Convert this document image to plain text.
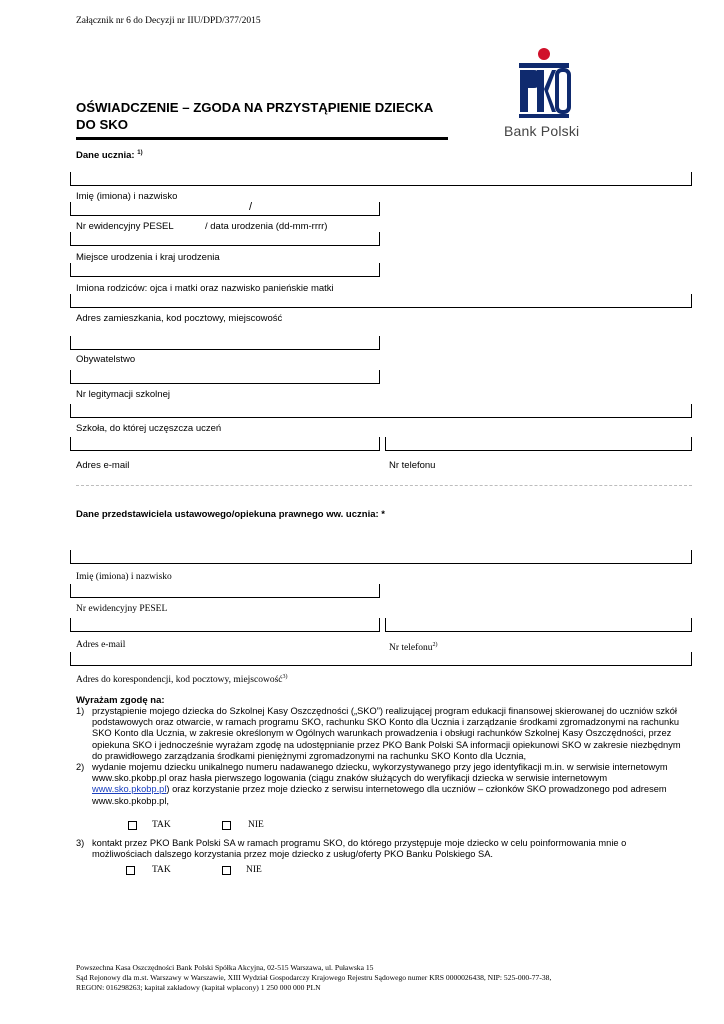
Załącznik nr 6 do Decyzji nr IIU/DPD/377/2015
OŚWIADCZENIE – ZGODA NA PRZYSTĄPIENIE DZIECKA
DO SKO	Bank Polski
Dane ucznia: $^{1)}$
Imię (imiona) i nazwisko
/
Nr ewidencyjny PESEL	/ data urodzenia (dd-mm-rrrr)
Miejsce urodzenia i kraj urodzenia
Imiona rodziców: ojca i matki oraz nazwisko panieńskie matki
Adres zamieszkania, kod pocztowy, miejscowość
Obywatelstwo
Nr legitymacji szkolnej
Szkoła, do której uczęszcza uczeń
Adres e-mail	Nr telefonu
Dane przedstawiciela ustawowego/opiekuna prawnego ww. ucznia: *
Imię (imiona) i nazwisko
Nr ewidencyjny PESEL
Adres e-mail	Nr telefonu$^{2)}$
Adres do korespondencji, kod pocztowy, miejscowość$^{3)}$
Wyrażam zgodę na:
1) przystąpienie mojego dziecka do Szkolnej Kasy Oszczędności („SKO”) realizującej program edukacji finansowej skierowanej do uczniów szkół podstawowych oraz otwarcie, w ramach programu SKO, rachunku SKO Konto dla Ucznia i zarządzanie środkami zgromadzonymi na rachunku SKO Konto dla Ucznia, w zakresie określonym w Ogólnych warunkach prowadzenia i obsługi rachunków Szkolnej Kasy Oszczędności, przez opiekuna SKO i jednocześnie wyrażam zgodę na udostępnianie przez PKO Bank Polski SA informacji opiekunowi SKO w zakresie niezbędnym do prawidłowego zarządzania środkami pieniężnymi zgromadzonymi na rachunku SKO Konto dla Ucznia,
2) wydanie mojemu dziecku unikalnego numeru nadawanego dziecku, wykorzystywanego przy jego identyfikacji m.in. w serwisie internetowym www.sko.pkobp.pl oraz hasła pierwszego logowania (ciągu znaków służących do weryfikacji dziecka w serwisie internetowym www.sko.pkobp.pl) oraz korzystanie przez moje dziecko z serwisu internetowego dla uczniów – członków SKO prowadzonego pod adresem www.sko.pkobp.pl,
TAK	NIE
3) kontakt przez PKO Bank Polski SA w ramach programu SKO, do którego przystępuje moje dziecko w celu poinformowania mnie o możliwościach dalszego korzystania przez moje dziecko z usług/oferty PKO Banku Polskiego SA.
TAK	NIE
Powszechna Kasa Oszczędności Bank Polski Spółka Akcyjna, 02-515 Warszawa, ul. Puławska 15
Sąd Rejonowy dla m.st. Warszawy w Warszawie, XIII Wydział Gospodarczy Krajowego Rejestru Sądowego numer KRS 0000026438, NIP: 525-000-77-38,
REGON: 016298263; kapitał zakładowy (kapitał wpłacony) 1 250 000 000 PLN
